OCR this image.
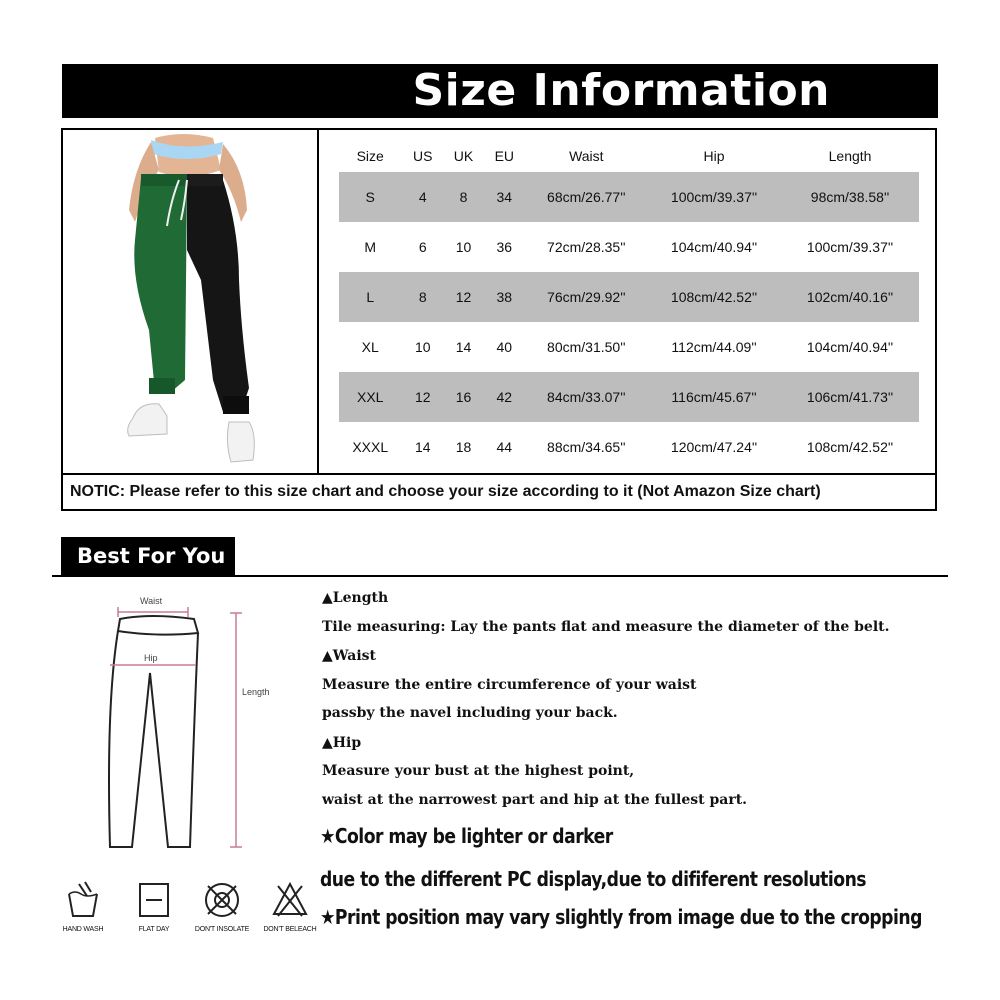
Size Information
Size	US	UK	EU	Waist	Hip	Length
S	4	8	34	68cm/26.77''	100cm/39.37''	98cm/38.58''
M	6	10	36	72cm/28.35''	104cm/40.94''	100cm/39.37''
L	8	12	38	76cm/29.92''	108cm/42.52''	102cm/40.16''
XL	10	14	40	80cm/31.50''	112cm/44.09''	104cm/40.94''
XXL	12	16	42	84cm/33.07''	116cm/45.67''	106cm/41.73''
XXXL	14	18	44	88cm/34.65''	120cm/47.24''	108cm/42.52''
NOTIC: Please refer to this size chart and choose your size according to it (Not Amazon Size chart)
Best For You
Waist
Hip
Length
HAND WASH	FLAT DAY	DON'T INSOLATE	DON'T BELEACH
▲Length
Tile measuring: Lay the pants flat and measure the diameter of the belt.
▲Waist
Measure the entire circumference of your waist
passby the navel including your back.
▲Hip
Measure your bust at the highest point,
waist at the narrowest part and hip at the fullest part.
★Color may be lighter or darker
due to the different PC display,due to dififerent resolutions
★Print position may vary slightly from image due to the cropping
